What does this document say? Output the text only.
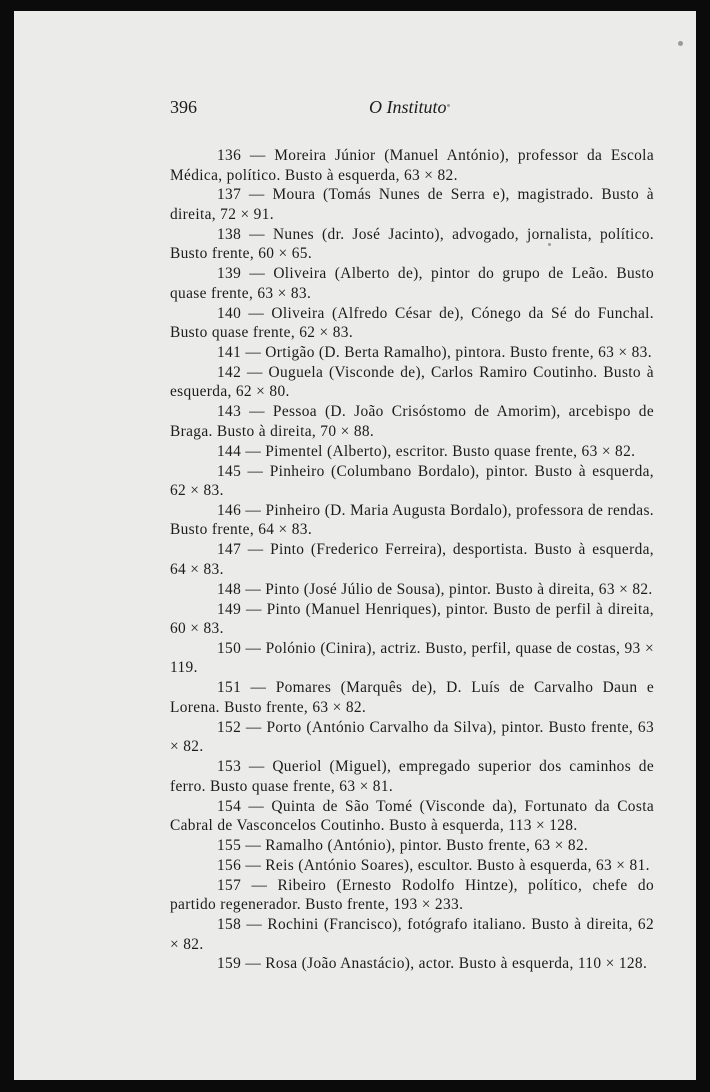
396	O Instituto

136 — Moreira Júnior (Manuel António), professor da Escola Médica, político. Busto à esquerda, 63 × 82.

137 — Moura (Tomás Nunes de Serra e), magistrado. Busto à direita, 72 × 91.

138 — Nunes (dr. José Jacinto), advogado, jornalista, político. Busto frente, 60 × 65.

139 — Oliveira (Alberto de), pintor do grupo de Leão. Busto quase frente, 63 × 83.

140 — Oliveira (Alfredo César de), Cónego da Sé do Funchal. Busto quase frente, 62 × 83.

141 — Ortigão (D. Berta Ramalho), pintora. Busto frente, 63 × 83.

142 — Ouguela (Visconde de), Carlos Ramiro Coutinho. Busto à esquerda, 62 × 80.

143 — Pessoa (D. João Crisóstomo de Amorim), arcebispo de Braga. Busto à direita, 70 × 88.

144 — Pimentel (Alberto), escritor. Busto quase frente, 63 × 82.

145 — Pinheiro (Columbano Bordalo), pintor. Busto à esquerda, 62 × 83.

146 — Pinheiro (D. Maria Augusta Bordalo), professora de rendas. Busto frente, 64 × 83.

147 — Pinto (Frederico Ferreira), desportista. Busto à esquerda, 64 × 83.

148 — Pinto (José Júlio de Sousa), pintor. Busto à direita, 63 × 82.

149 — Pinto (Manuel Henriques), pintor. Busto de perfil à direita, 60 × 83.

150 — Polónio (Cinira), actriz. Busto, perfil, quase de costas, 93 × 119.

151 — Pomares (Marquês de), D. Luís de Carvalho Daun e Lorena. Busto frente, 63 × 82.

152 — Porto (António Carvalho da Silva), pintor. Busto frente, 63 × 82.

153 — Queriol (Miguel), empregado superior dos caminhos de ferro. Busto quase frente, 63 × 81.

154 — Quinta de São Tomé (Visconde da), Fortunato da Costa Cabral de Vasconcelos Coutinho. Busto à esquerda, 113 × 128.

155 — Ramalho (António), pintor. Busto frente, 63 × 82.

156 — Reis (António Soares), escultor. Busto à esquerda, 63 × 81.

157 — Ribeiro (Ernesto Rodolfo Hintze), político, chefe do partido regenerador. Busto frente, 193 × 233.

158 — Rochini (Francisco), fotógrafo italiano. Busto à direita, 62 × 82.

159 — Rosa (João Anastácio), actor. Busto à esquerda, 110 × 128.
